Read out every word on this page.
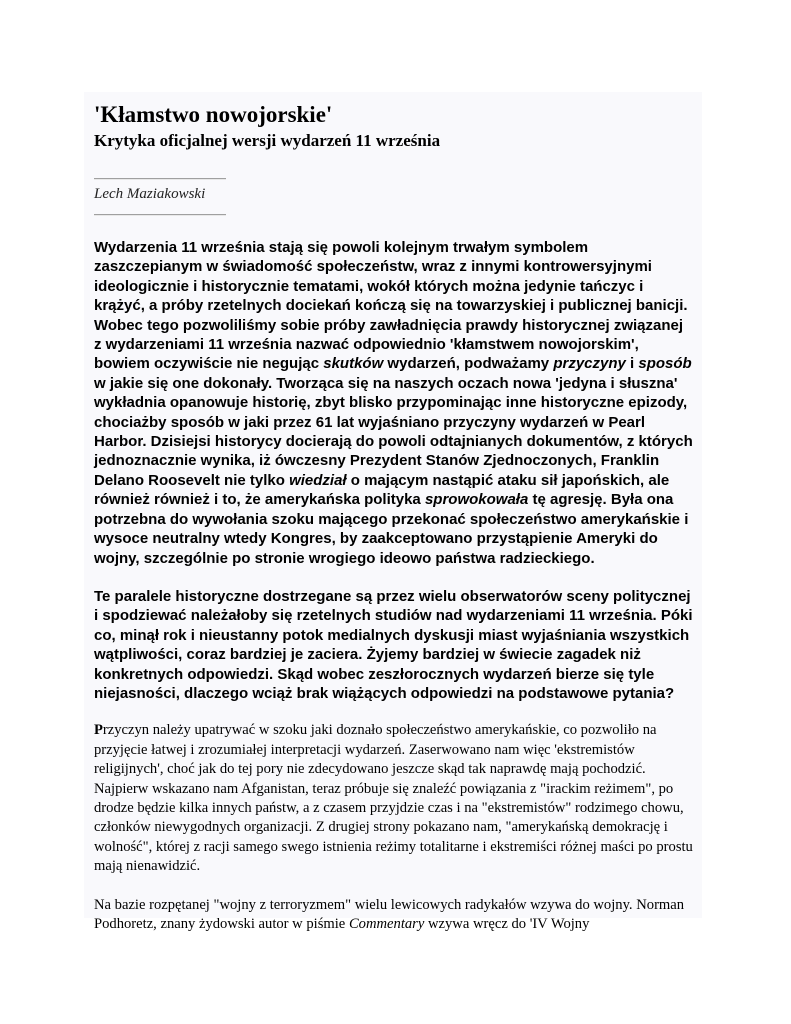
'Kłamstwo nowojorskie'
Krytyka oficjalnej wersji wydarzeń 11 września
Lech Maziakowski

Wydarzenia 11 września stają się powoli kolejnym trwałym symbolem zaszczepianym w świadomość społeczeństw, wraz z innymi kontrowersyjnymi ideologicznie i historycznie tematami, wokół których można jedynie tańczyc i krążyć, a próby rzetelnych dociekań kończą się na towarzyskiej i publicznej banicji. Wobec tego pozwoliliśmy sobie próby zawładnięcia prawdy historycznej związanej z wydarzeniami 11 września nazwać odpowiednio 'kłamstwem nowojorskim', bowiem oczywiście nie negując skutków wydarzeń, podważamy przyczyny i sposób w jakie się one dokonały. Tworząca się na naszych oczach nowa 'jedyna i słuszna' wykładnia opanowuje historię, zbyt blisko przypominając inne historyczne epizody, chociażby sposób w jaki przez 61 lat wyjaśniano przyczyny wydarzeń w Pearl Harbor. Dzisiejsi historycy docierają do powoli odtajnianych dokumentów, z których jednoznacznie wynika, iż ówczesny Prezydent Stanów Zjednoczonych, Franklin Delano Roosevelt nie tylko wiedział o mającym nastąpić ataku sił japońskich, ale również również i to, że amerykańska polityka sprowokowała tę agresję. Była ona potrzebna do wywołania szoku mającego przekonać społeczeństwo amerykańskie i wysoce neutralny wtedy Kongres, by zaakceptowano przystąpienie Ameryki do wojny, szczególnie po stronie wrogiego ideowo państwa radzieckiego.

Te paralele historyczne dostrzegane są przez wielu obserwatorów sceny politycznej i spodziewać należałoby się rzetelnych studiów nad wydarzeniami 11 września. Póki co, minął rok i nieustanny potok medialnych dyskusji miast wyjaśniania wszystkich wątpliwości, coraz bardziej je zaciera. Żyjemy bardziej w świecie zagadek niż konkretnych odpowiedzi. Skąd wobec zeszłorocznych wydarzeń bierze się tyle niejasności, dlaczego wciąż brak wiążących odpowiedzi na podstawowe pytania?

Przyczyn należy upatrywać w szoku jaki doznało społeczeństwo amerykańskie, co pozwoliło na przyjęcie łatwej i zrozumiałej interpretacji wydarzeń. Zaserwowano nam więc 'ekstremistów religijnych', choć jak do tej pory nie zdecydowano jeszcze skąd tak naprawdę mają pochodzić. Najpierw wskazano nam Afganistan, teraz próbuje się znaleźć powiązania z "irackim reżimem", po drodze będzie kilka innych państw, a z czasem przyjdzie czas i na "ekstremistów" rodzimego chowu, członków niewygodnych organizacji. Z drugiej strony pokazano nam, "amerykańską demokrację i wolność", której z racji samego swego istnienia reżimy totalitarne i ekstremiści różnej maści po prostu mają nienawidzić.

Na bazie rozpętanej "wojny z terroryzmem" wielu lewicowych radykałów wzywa do wojny. Norman Podhoretz, znany żydowski autor w piśmie Commentary wzywa wręcz do 'IV Wojny
